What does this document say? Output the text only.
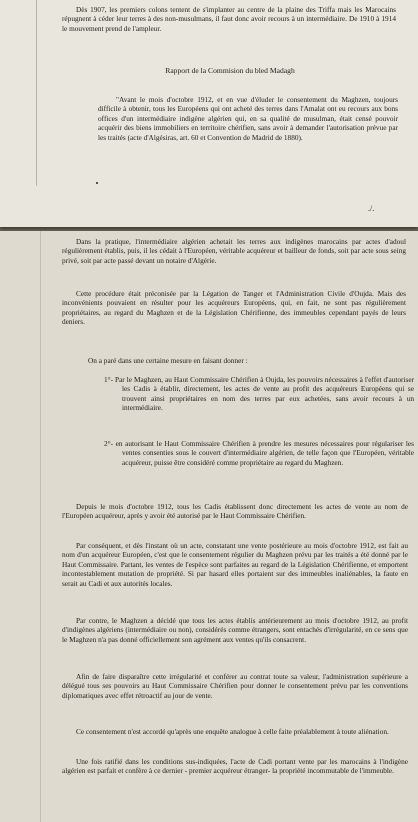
Dès 1907, les premiers colons tentent de s'implanter au centre de la plaine des Triffa mais les Marocains répugnent à céder leur terres à des non-musulmans, il faut donc avoir recours à un intermédiaire. De 1910 à 1914 le mouvement prend de l'ampleur.

Rapport de la Commision du bled Madagh

"Avant le mois d'octobre 1912, et en vue d'éluder le consentement du Maghzen, toujours difficile à obtenir, tous les Européens qui ont acheté des terres dans l'Amalat ont eu recours aux bons offices d'un intermédiaire indigène algérien qui, en sa qualité de musulman, était censé pouvoir acquérir des biens immobiliers en territoire chérifien, sans avoir à demander l'autorisation prévue par les traités (acte d'Algésiras, art. 60 et Convention de Madrid de 1880).

./.

Dans la pratique, l'intermédiaire algérien achetait les terres aux indigènes marocains par actes d'adoul régulièrement établis, puis, il les cédait à l'Européen, véritable acquéreur et bailleur de fonds, soit par acte sous seing privé, soit par acte passé devant un notaire d'Algérie.

Cette procédure était préconisée par la Légation de Tanger et l'Administration Civile d'Oujda. Mais des inconvénients pouvaient en résulter pour les acquéreurs Européens, qui, en fait, ne sont pas régulièrement propriétaires, au regard du Maghzen et de la Législation Chérifienne, des immeubles cependant payés de leurs deniers.

On a paré dans une certaine mesure en faisant donner :

1°- Par le Maghzen, au Haut Commissaire Chérifien à Oujda, les pouvoirs nécessaires à l'effet d'autoriser les Cadis à établir, directement, les actes de vente au profit des acquéreurs Européens qui se trouvent ainsi propriétaires en nom des terres par eux achetées, sans avoir recours à un intermédiaire.

2°- en autorisant le Haut Commissaire Chérifien à prendre les mesures nécessaires pour régulariser les ventes consenties sous le couvert d'intermédiaire algérien, de telle façon que l'Européen, véritable acquéreur, puisse être considéré comme propriétaire au regard du Maghzen.

Depuis le mois d'octobre 1912, tous les Cadis établissent donc directement les actes de vente au nom de l'Européen acquéreur, après y avoir été autorisé par le Haut Commissaire Chérifien.

Par conséquent, et dès l'instant où un acte, constatant une vente postérieure au mois d'octobre 1912, est fait au nom d'un acquéreur Européen, c'est que le consentement régulier du Maghzen prévu par les traités a été donné par le Haut Commissaire. Partant, les ventes de l'espèce sont parfaites au regard de la Législation Chérifienne, et emportent incontestablement mutation de propriété. Si par hasard elles portaient sur des immeubles inaliénables, la faute en serait au Cadi et aux autorités locales.

Par contre, le Maghzen a décidé que tous les actes établis antérieurement au mois d'octobre 1912, au profit d'indigènes algériens (intermédiaire ou non), considérés comme étrangers, sont entachés d'irrégularité, en ce sens que le Maghzen n'a pas donné officiellement son agrément aux ventes qu'ils consacrent.

Afin de faire disparaître cette irrégularité et conférer au contrat toute sa valeur, l'administration supérieure a délégué tous ses pouvoirs au Haut Commissaire Chérifien pour donner le consentement prévu par les conventions diplomatiques avec effet rétroactif au jour de vente.

Ce consentement n'est accordé qu'après une enquête analogue à celle faite préalablement à toute aliénation.

Une fois ratifié dans les conditions sus-indiquées, l'acte de Cadi portant vente par les marocains à l'indigène algérien est parfait et confère à ce dernier - premier acquéreur étranger- la propriété incommutable de l'immeuble.
